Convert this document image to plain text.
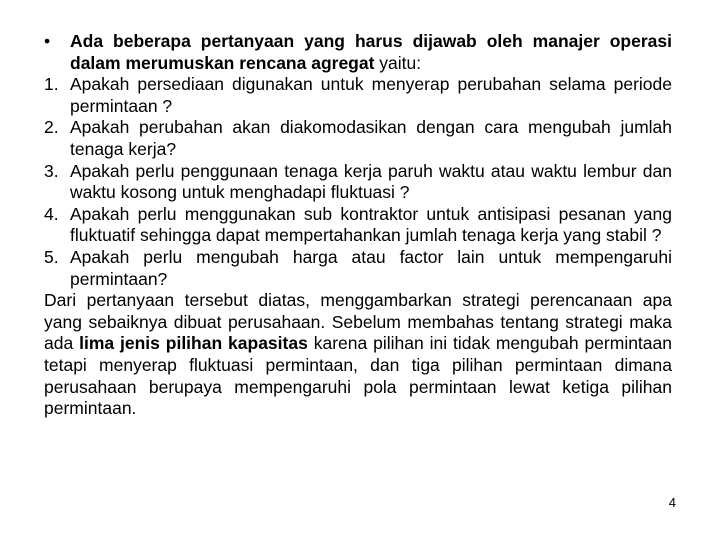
•	Ada beberapa pertanyaan yang harus dijawab oleh manajer operasi dalam merumuskan rencana agregat yaitu:
1. Apakah persediaan digunakan untuk menyerap perubahan selama periode permintaan ?
2. Apakah perubahan akan diakomodasikan dengan cara mengubah jumlah tenaga kerja?
3. Apakah perlu penggunaan tenaga kerja paruh waktu atau waktu lembur dan waktu kosong untuk menghadapi fluktuasi ?
4. Apakah perlu menggunakan sub kontraktor untuk antisipasi pesanan yang fluktuatif sehingga dapat mempertahankan jumlah tenaga kerja yang stabil ?
5. Apakah perlu mengubah harga atau factor lain untuk mempengaruhi permintaan?
Dari pertanyaan tersebut diatas, menggambarkan strategi perencanaan apa yang sebaiknya dibuat perusahaan. Sebelum membahas tentang strategi maka ada lima jenis pilihan kapasitas karena pilihan ini tidak mengubah permintaan tetapi menyerap fluktuasi permintaan, dan tiga pilihan permintaan dimana perusahaan berupaya mempengaruhi pola permintaan lewat ketiga pilihan permintaan.
4
